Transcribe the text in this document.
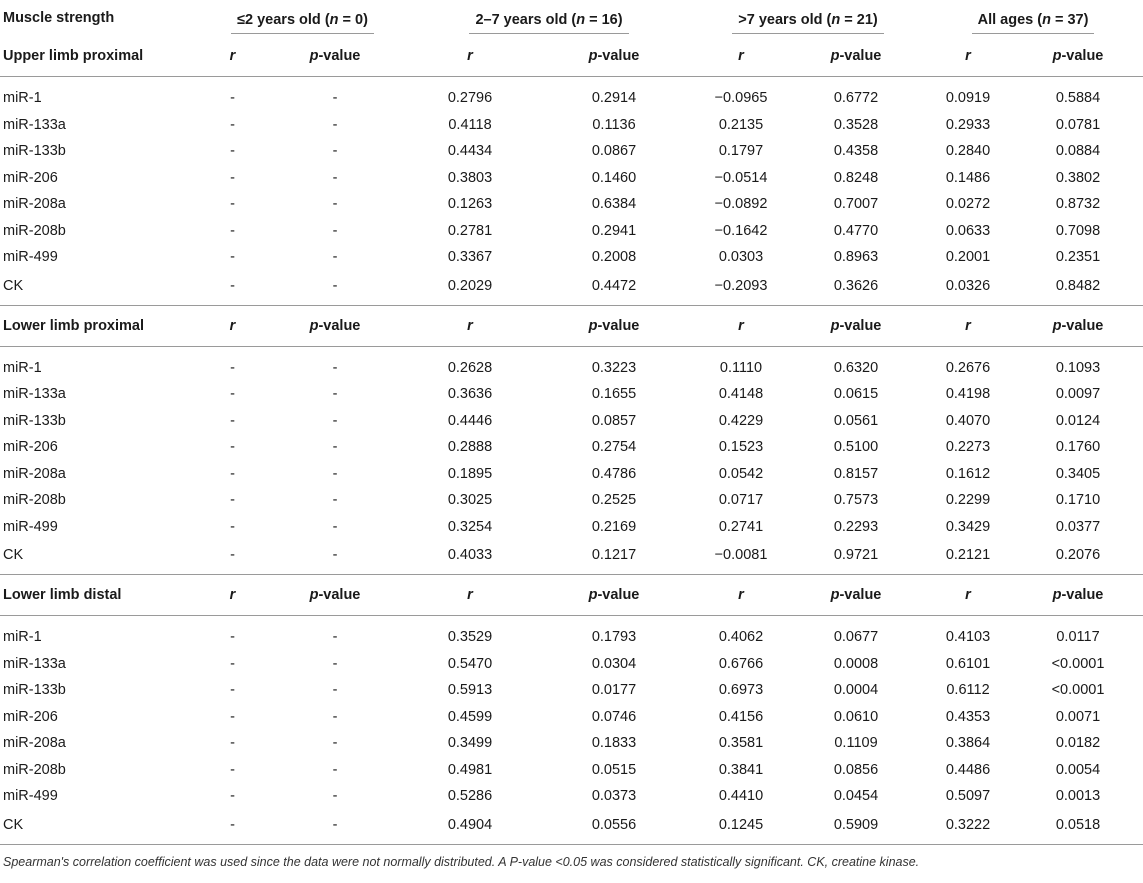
Muscle strength	≤2 years old (n = 0)		2–7 years old (n = 16)		>7 years old (n = 21)		All ages (n = 37)	
Upper limb proximal	r	p-value	r	p-value	r	p-value	r	p-value

miR-1	-	-	0.2796	0.2914	−0.0965	0.6772	0.0919	0.5884
miR-133a	-	-	0.4118	0.1136	0.2135	0.3528	0.2933	0.0781
miR-133b	-	-	0.4434	0.0867	0.1797	0.4358	0.2840	0.0884
miR-206	-	-	0.3803	0.1460	−0.0514	0.8248	0.1486	0.3802
miR-208a	-	-	0.1263	0.6384	−0.0892	0.7007	0.0272	0.8732
miR-208b	-	-	0.2781	0.2941	−0.1642	0.4770	0.0633	0.7098
miR-499	-	-	0.3367	0.2008	0.0303	0.8963	0.2001	0.2351
CK	-	-	0.2029	0.4472	−0.2093	0.3626	0.0326	0.8482
Lower limb proximal	r	p-value	r	p-value	r	p-value	r	p-value

miR-1	-	-	0.2628	0.3223	0.1110	0.6320	0.2676	0.1093
miR-133a	-	-	0.3636	0.1655	0.4148	0.0615	0.4198	0.0097
miR-133b	-	-	0.4446	0.0857	0.4229	0.0561	0.4070	0.0124
miR-206	-	-	0.2888	0.2754	0.1523	0.5100	0.2273	0.1760
miR-208a	-	-	0.1895	0.4786	0.0542	0.8157	0.1612	0.3405
miR-208b	-	-	0.3025	0.2525	0.0717	0.7573	0.2299	0.1710
miR-499	-	-	0.3254	0.2169	0.2741	0.2293	0.3429	0.0377
CK	-	-	0.4033	0.1217	−0.0081	0.9721	0.2121	0.2076
Lower limb distal	r	p-value	r	p-value	r	p-value	r	p-value

miR-1	-	-	0.3529	0.1793	0.4062	0.0677	0.4103	0.0117
miR-133a	-	-	0.5470	0.0304	0.6766	0.0008	0.6101	<0.0001
miR-133b	-	-	0.5913	0.0177	0.6973	0.0004	0.6112	<0.0001
miR-206	-	-	0.4599	0.0746	0.4156	0.0610	0.4353	0.0071
miR-208a	-	-	0.3499	0.1833	0.3581	0.1109	0.3864	0.0182
miR-208b	-	-	0.4981	0.0515	0.3841	0.0856	0.4486	0.0054
miR-499	-	-	0.5286	0.0373	0.4410	0.0454	0.5097	0.0013
CK	-	-	0.4904	0.0556	0.1245	0.5909	0.3222	0.0518
Spearman's correlation coefficient was used since the data were not normally distributed. A P-value <0.05 was considered statistically significant. CK, creatine kinase.								
